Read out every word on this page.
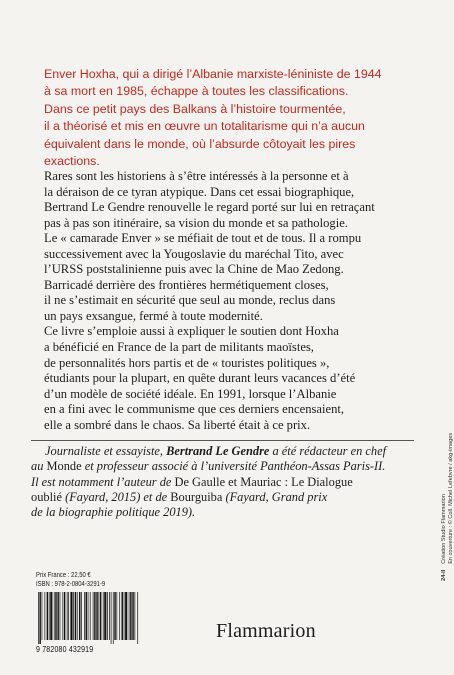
Enver Hoxha, qui a dirigé l’Albanie marxiste-léniniste de 1944
à sa mort en 1985, échappe à toutes les classifications.
Dans ce petit pays des Balkans à l’histoire tourmentée,
il a théorisé et mis en œuvre un totalitarisme qui n’a aucun
équivalent dans le monde, où l’absurde côtoyait les pires
exactions.
Rares sont les historiens à s’être intéressés à la personne et à
la déraison de ce tyran atypique. Dans cet essai biographique,
Bertrand Le Gendre renouvelle le regard porté sur lui en retraçant
pas à pas son itinéraire, sa vision du monde et sa pathologie.
Le « camarade Enver » se méfiait de tout et de tous. Il a rompu
successivement avec la Yougoslavie du maréchal Tito, avec
l’URSS poststalinienne puis avec la Chine de Mao Zedong.
Barricadé derrière des frontières hermétiquement closes,
il ne s’estimait en sécurité que seul au monde, reclus dans
un pays exsangue, fermé à toute modernité.
Ce livre s’emploie aussi à expliquer le soutien dont Hoxha
a bénéficié en France de la part de militants maoïstes,
de personnalités hors partis et de « touristes politiques »,
étudiants pour la plupart, en quête durant leurs vacances d’été
d’un modèle de société idéale. En 1991, lorsque l’Albanie
en a fini avec le communisme que ces derniers encensaient,
elle a sombré dans le chaos. Sa liberté était à ce prix.
Journaliste et essayiste, Bertrand Le Gendre a été rédacteur en chef
au Monde et professeur associé à l’université Panthéon-Assas Paris-II.
Il est notamment l’auteur de De Gaulle et Mauriac : Le Dialogue
oublié (Fayard, 2015) et de Bourguiba (Fayard, Grand prix
de la biographie politique 2019).
Prix France : 22,50 €
ISBN : 978-2-0804-3291-9
9 782080 432919
Flammarion
24-II
Création Studio Flammarion En couverture : © Coll. Michel Lefebvre / akg-images
